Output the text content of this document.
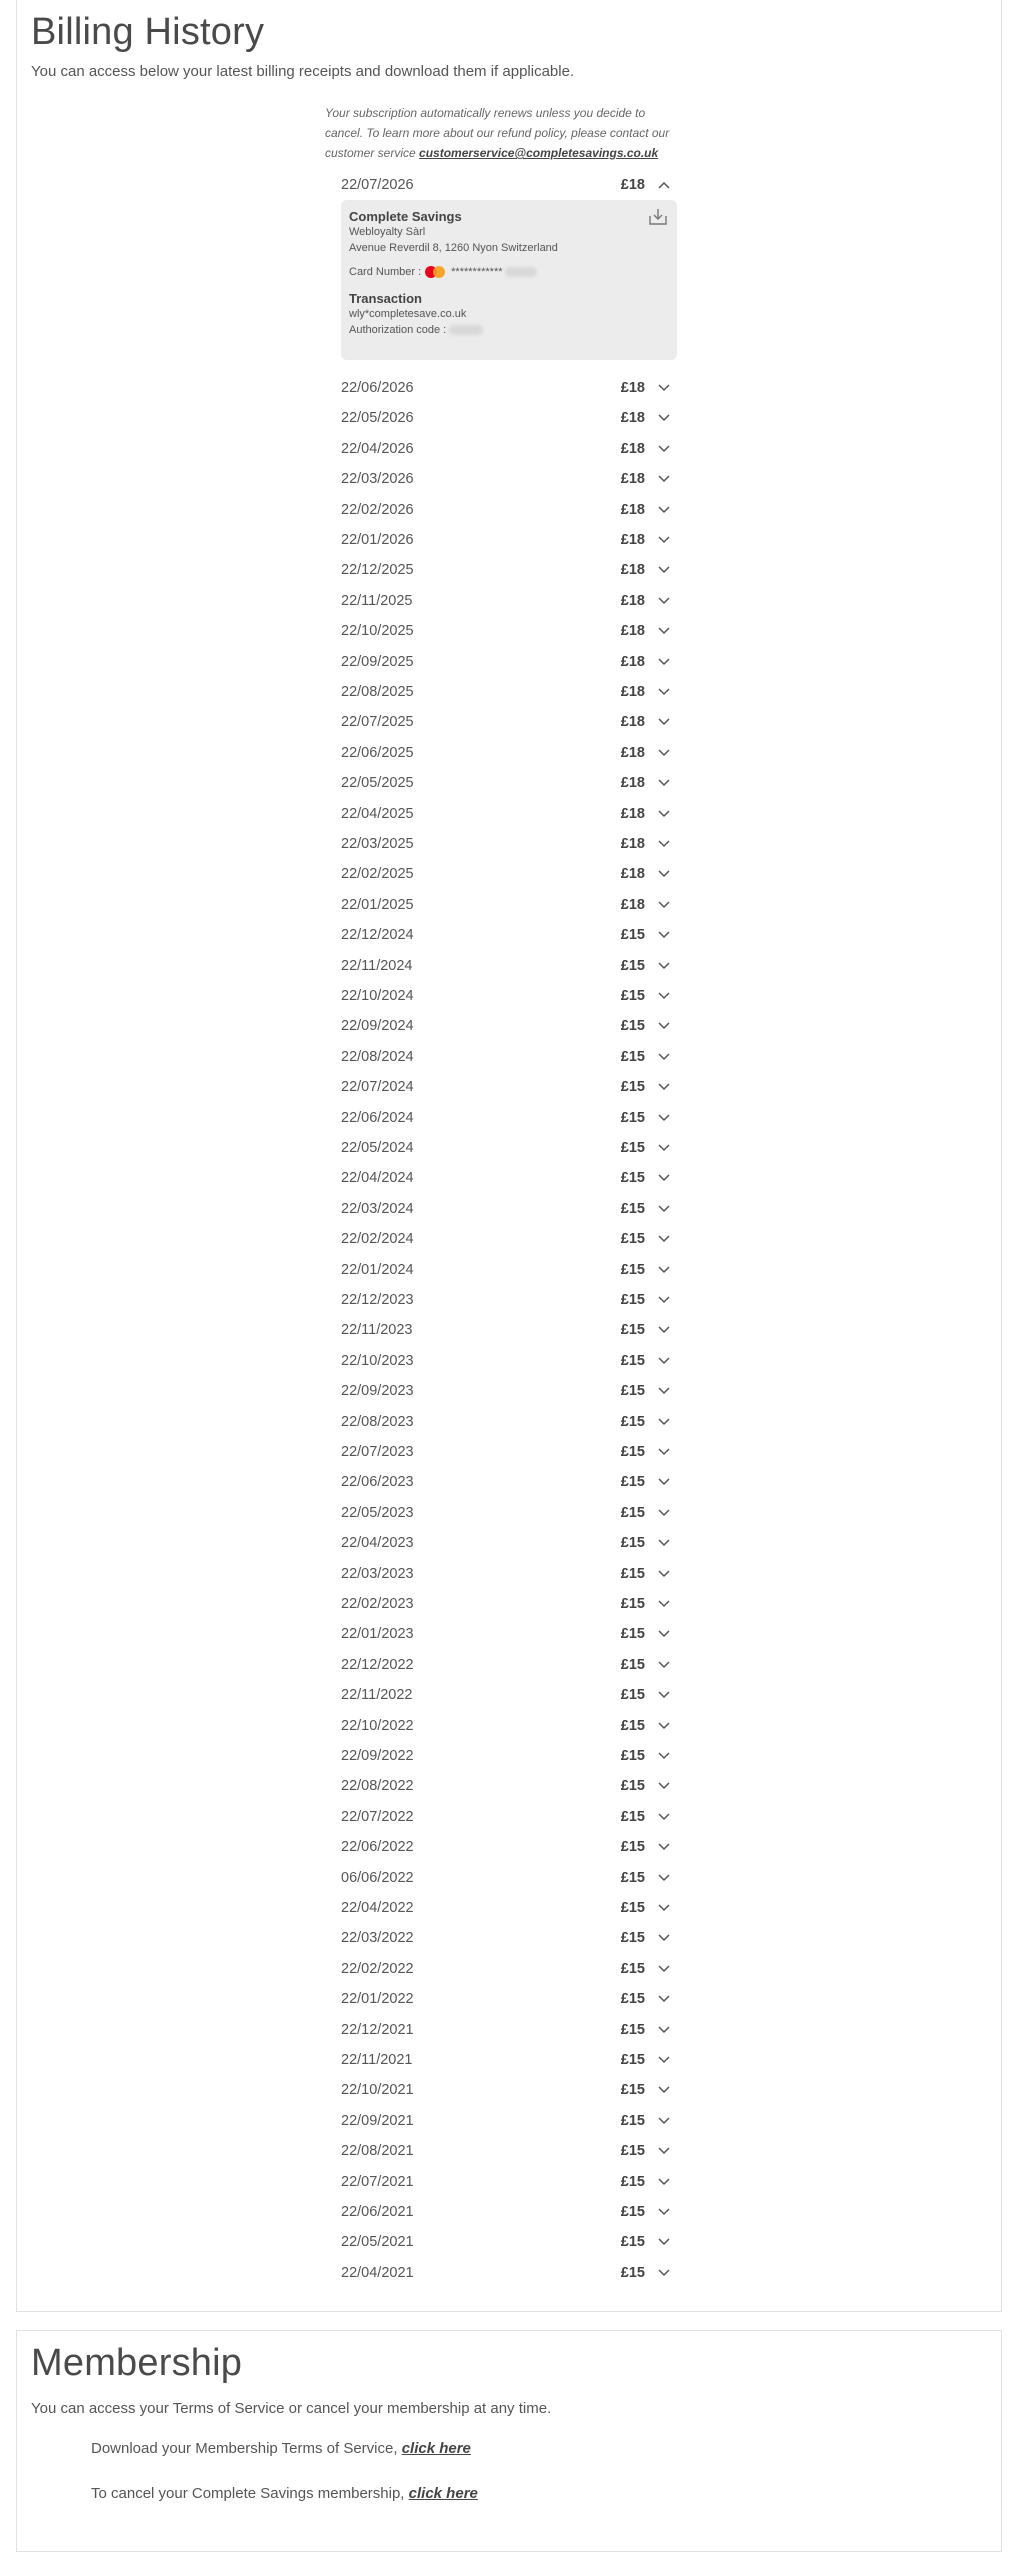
Billing History

You can access below your latest billing receipts and download them if applicable.

Your subscription automatically renews unless you decide to cancel. To learn more about our refund policy, please contact our customer service customerservice@completesavings.co.uk
22/07/2026	£18
Complete Savings
Webloyalty Sàrl
Avenue Reverdil 8, 1260 Nyon Switzerland
Card Number :	************
Transaction
wly*completesave.co.uk
Authorization code :
22/06/2026	£18
22/05/2026	£18
22/04/2026	£18
22/03/2026	£18
22/02/2026	£18
22/01/2026	£18
22/12/2025	£18
22/11/2025	£18
22/10/2025	£18
22/09/2025	£18
22/08/2025	£18
22/07/2025	£18
22/06/2025	£18
22/05/2025	£18
22/04/2025	£18
22/03/2025	£18
22/02/2025	£18
22/01/2025	£18
22/12/2024	£15
22/11/2024	£15
22/10/2024	£15
22/09/2024	£15
22/08/2024	£15
22/07/2024	£15
22/06/2024	£15
22/05/2024	£15
22/04/2024	£15
22/03/2024	£15
22/02/2024	£15
22/01/2024	£15
22/12/2023	£15
22/11/2023	£15
22/10/2023	£15
22/09/2023	£15
22/08/2023	£15
22/07/2023	£15
22/06/2023	£15
22/05/2023	£15
22/04/2023	£15
22/03/2023	£15
22/02/2023	£15
22/01/2023	£15
22/12/2022	£15
22/11/2022	£15
22/10/2022	£15
22/09/2022	£15
22/08/2022	£15
22/07/2022	£15
22/06/2022	£15
06/06/2022	£15
22/04/2022	£15
22/03/2022	£15
22/02/2022	£15
22/01/2022	£15
22/12/2021	£15
22/11/2021	£15
22/10/2021	£15
22/09/2021	£15
22/08/2021	£15
22/07/2021	£15
22/06/2021	£15
22/05/2021	£15
22/04/2021	£15
Membership

You can access your Terms of Service or cancel your membership at any time.

Download your Membership Terms of Service, click here

To cancel your Complete Savings membership, click here
